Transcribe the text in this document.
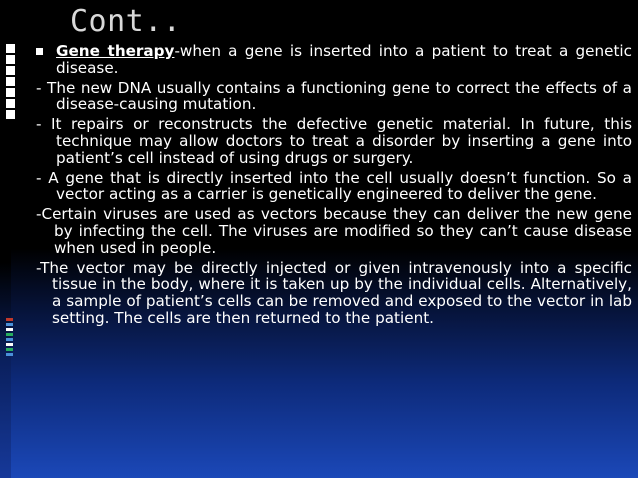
Cont..
Gene therapy-when a gene is inserted into a patient to treat a genetic disease.
- The new DNA usually contains a functioning gene to correct the effects of a disease-causing mutation.
- It repairs or reconstructs the defective genetic material. In future, this technique may allow doctors to treat a disorder by inserting a gene into patient’s cell instead of using drugs or surgery.
- A gene that is directly inserted into the cell usually doesn’t function. So a vector acting as a carrier is genetically engineered to deliver the gene.
-Certain viruses are used as vectors because they can deliver the new gene by infecting the cell. The viruses are modified so they can’t cause disease when used in people.
-The vector may be directly injected or given intravenously into a specific tissue in the body, where it is taken up by the individual cells. Alternatively, a sample of patient’s cells can be removed and exposed to the vector in lab setting. The cells are then returned to the patient.
